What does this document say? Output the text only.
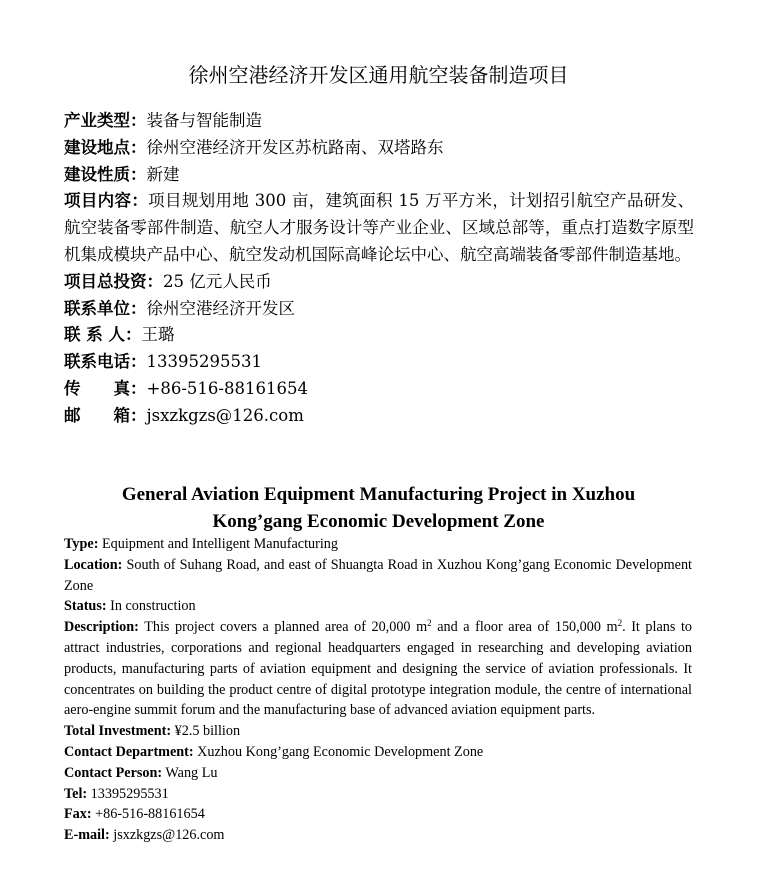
徐州空港经济开发区通用航空装备制造项目

产业类型：装备与智能制造

建设地点：徐州空港经济开发区苏杭路南、双塔路东

建设性质：新建

项目内容：项目规划用地 300 亩，建筑面积 15 万平方米，计划招引航空产品研发、航空装备零部件制造、航空人才服务设计等产业企业、区域总部等，重点打造数字原型机集成模块产品中心、航空发动机国际高峰论坛中心、航空高端装备零部件制造基地。

项目总投资：25 亿元人民币

联系单位：徐州空港经济开发区

联 系 人：王璐

联系电话：13395295531

传　　真：+86-516-88161654

邮　　箱：jsxzkgzs@126.com

General Aviation Equipment Manufacturing Project in Xuzhou
Kong’gang Economic Development Zone

Type: Equipment and Intelligent Manufacturing

Location: South of Suhang Road, and east of Shuangta Road in Xuzhou Kong’gang Economic Development Zone

Status: In construction

Description: This project covers a planned area of 20,000 $m^2$ and a floor area of 150,000 $m^2$. It plans to attract industries, corporations and regional headquarters engaged in researching and developing aviation products, manufacturing parts of aviation equipment and designing the service of aviation professionals. It concentrates on building the product centre of digital prototype integration module, the centre of international aero-engine summit forum and the manufacturing base of advanced aviation equipment parts.

Total Investment: ¥2.5 billion

Contact Department: Xuzhou Kong’gang Economic Development Zone

Contact Person: Wang Lu

Tel: 13395295531

Fax: +86-516-88161654

E-mail: jsxzkgzs@126.com
